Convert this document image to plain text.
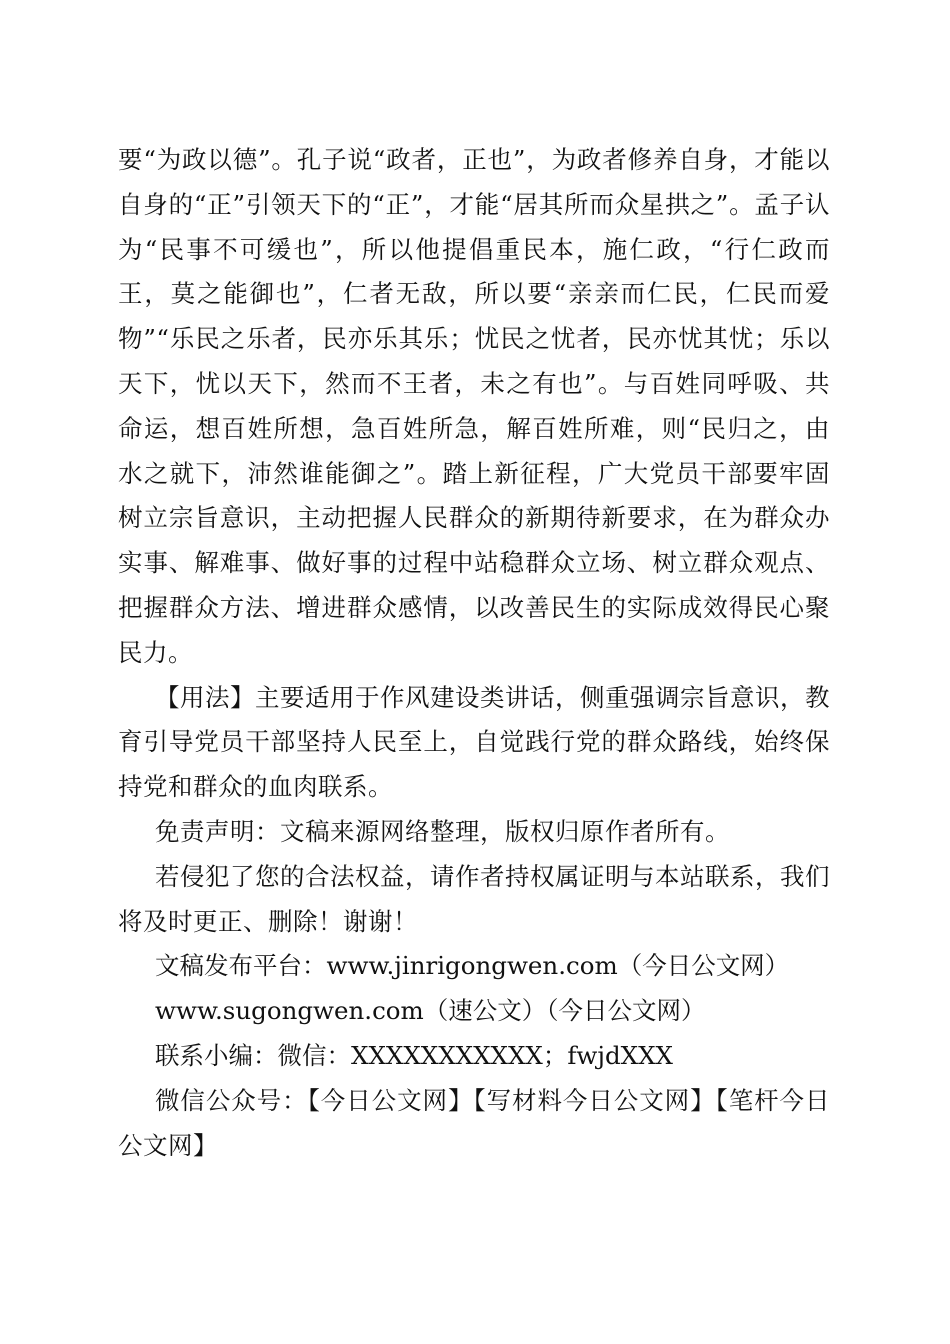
要“为政以德”。孔子说“政者，正也”，为政者修养自身，才能以自身的“正”引领天下的“正”，才能“居其所而众星拱之”。孟子认为“民事不可缓也”，所以他提倡重民本，施仁政，“行仁政而王，莫之能御也”，仁者无敌，所以要“亲亲而仁民，仁民而爱物”“乐民之乐者，民亦乐其乐；忧民之忧者，民亦忧其忧；乐以天下，忧以天下，然而不王者，未之有也”。与百姓同呼吸、共命运，想百姓所想，急百姓所急，解百姓所难，则“民归之，由水之就下，沛然谁能御之”。踏上新征程，广大党员干部要牢固树立宗旨意识，主动把握人民群众的新期待新要求，在为群众办实事、解难事、做好事的过程中站稳群众立场、树立群众观点、把握群众方法、增进群众感情，以改善民生的实际成效得民心聚民力。

【用法】主要适用于作风建设类讲话，侧重强调宗旨意识，教育引导党员干部坚持人民至上，自觉践行党的群众路线，始终保持党和群众的血肉联系。

免责声明：文稿来源网络整理，版权归原作者所有。

若侵犯了您的合法权益，请作者持权属证明与本站联系，我们将及时更正、删除！谢谢！

文稿发布平台：www.jinrigongwen.com（今日公文网）

www.sugongwen.com（速公文）（今日公文网）

联系小编：微信：XXXXXXXXXXX；fwjdXXX

微信公众号：【今日公文网】【写材料今日公文网】【笔杆今日公文网】
